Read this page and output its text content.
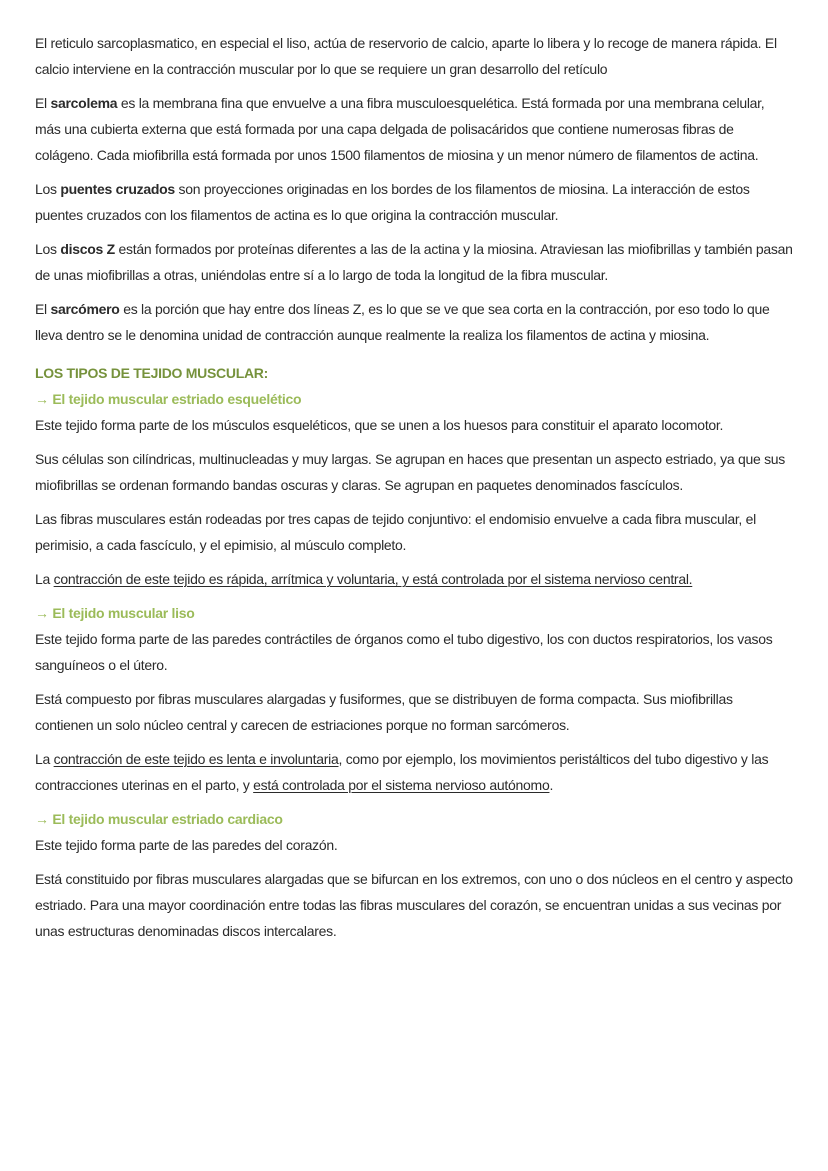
El reticulo sarcoplasmatico, en especial el liso, actúa de reservorio de calcio, aparte lo libera y lo recoge de manera rápida. El calcio interviene en la contracción muscular por lo que se requiere un gran desarrollo del retículo
El sarcolema es la membrana fina que envuelve a una fibra musculoesquelética. Está formada por una membrana celular, más una cubierta externa que está formada por una capa delgada de polisacáridos que contiene numerosas fibras de colágeno. Cada miofibrilla está formada por unos 1500 filamentos de miosina y un menor número de filamentos de actina.
Los puentes cruzados son proyecciones originadas en los bordes de los filamentos de miosina. La interacción de estos puentes cruzados con los filamentos de actina es lo que origina la contracción muscular.
Los discos Z están formados por proteínas diferentes a las de la actina y la miosina. Atraviesan las miofibrillas y también pasan de unas miofibrillas a otras, uniéndolas entre sí a lo largo de toda la longitud de la fibra muscular.
El sarcómero es la porción que hay entre dos líneas Z, es lo que se ve que sea corta en la contracción, por eso todo lo que lleva dentro se le denomina unidad de contracción aunque realmente la realiza los filamentos de actina y miosina.
LOS TIPOS DE TEJIDO MUSCULAR:
→ El tejido muscular estriado esquelético
Este tejido forma parte de los músculos esqueléticos, que se unen a los huesos para constituir el aparato locomotor.
Sus células son cilíndricas, multinucleadas y muy largas. Se agrupan en haces que presentan un aspecto estriado, ya que sus miofibrillas se ordenan formando bandas oscuras y claras. Se agrupan en paquetes denominados fascículos.
Las fibras musculares están rodeadas por tres capas de tejido conjuntivo: el endomisio envuelve a cada fibra muscular, el perimisio, a cada fascículo, y el epimisio, al músculo completo.
La contracción de este tejido es rápida, arrítmica y voluntaria, y está controlada por el sistema nervioso central.
→ El tejido muscular liso
Este tejido forma parte de las paredes contráctiles de órganos como el tubo digestivo, los con ductos respiratorios, los vasos sanguíneos o el útero.
Está compuesto por fibras musculares alargadas y fusiformes, que se distribuyen de forma compacta. Sus miofibrillas contienen un solo núcleo central y carecen de estriaciones porque no forman sarcómeros.
La contracción de este tejido es lenta e involuntaria, como por ejemplo, los movimientos peristálticos del tubo digestivo y las contracciones uterinas en el parto, y está controlada por el sistema nervioso autónomo.
→ El tejido muscular estriado cardiaco
Este tejido forma parte de las paredes del corazón.
Está constituido por fibras musculares alargadas que se bifurcan en los extremos, con uno o dos núcleos en el centro y aspecto estriado. Para una mayor coordinación entre todas las fibras musculares del corazón, se encuentran unidas a sus vecinas por unas estructuras denominadas discos intercalares.
